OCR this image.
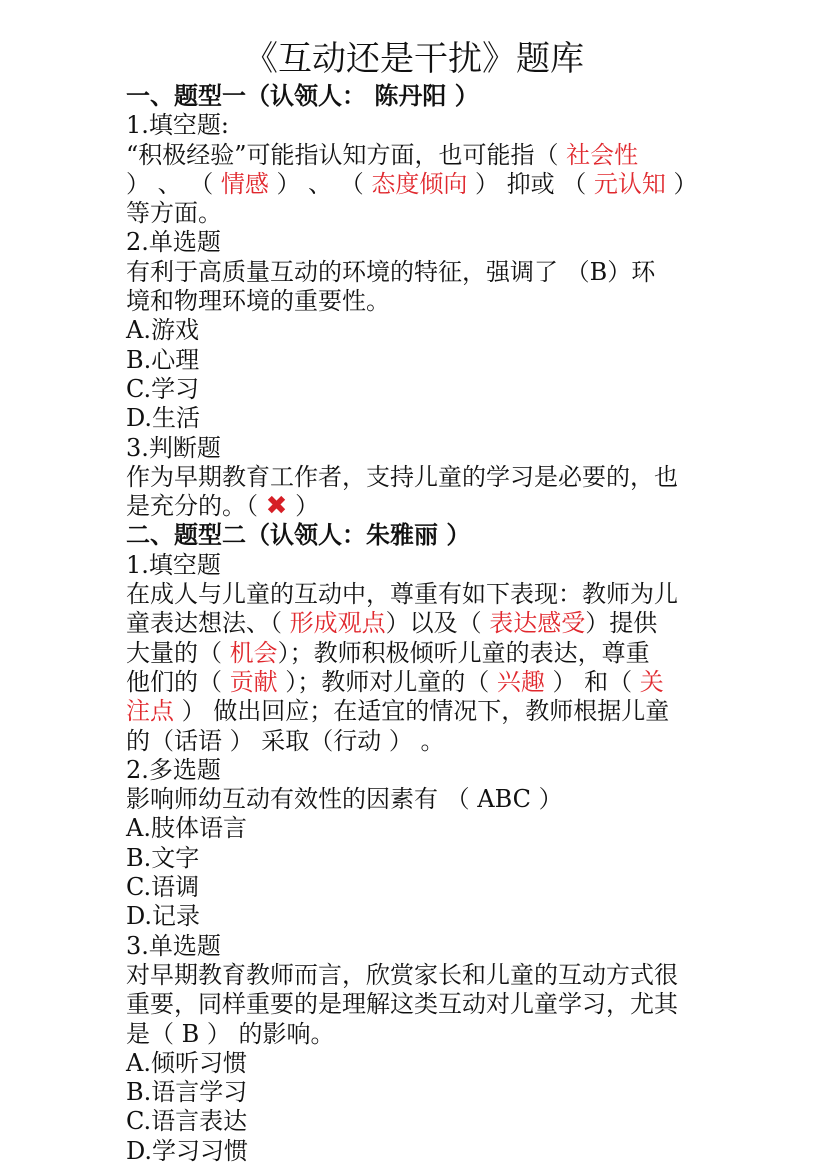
《互动还是干扰》题库
一、题型一（认领人： 陈丹阳 ）
1.填空题:
“积极经验”可能指认知方面，也可能指（ 社会性
） 、 （ 情感 ） 、 （ 态度倾向 ） 抑或 （ 元认知 ）
等方面。
2.单选题
有利于高质量互动的环境的特征，强调了 （B）环
境和物理环境的重要性。
A.游戏
B.心理
C.学习
D.生活
3.判断题
作为早期教育工作者，支持儿童的学习是必要的，也
是充分的。（ ✖ ）
二、题型二（认领人：朱雅丽 ）
1.填空题
在成人与儿童的互动中，尊重有如下表现：教师为儿
童表达想法、（ 形成观点）以及（ 表达感受）提供
大量的（ 机会）；教师积极倾听儿童的表达，尊重
他们的（ 贡献 ）；教师对儿童的（ 兴趣 ） 和（ 关
注点 ） 做出回应；在适宜的情况下，教师根据儿童
的（话语 ） 采取（行动 ） 。
2.多选题
影响师幼互动有效性的因素有 （ ABC ）
A.肢体语言
B.文字
C.语调
D.记录
3.单选题
对早期教育教师而言，欣赏家长和儿童的互动方式很
重要，同样重要的是理解这类互动对儿童学习，尤其
是（ B ） 的影响。
A.倾听习惯
B.语言学习
C.语言表达
D.学习习惯
